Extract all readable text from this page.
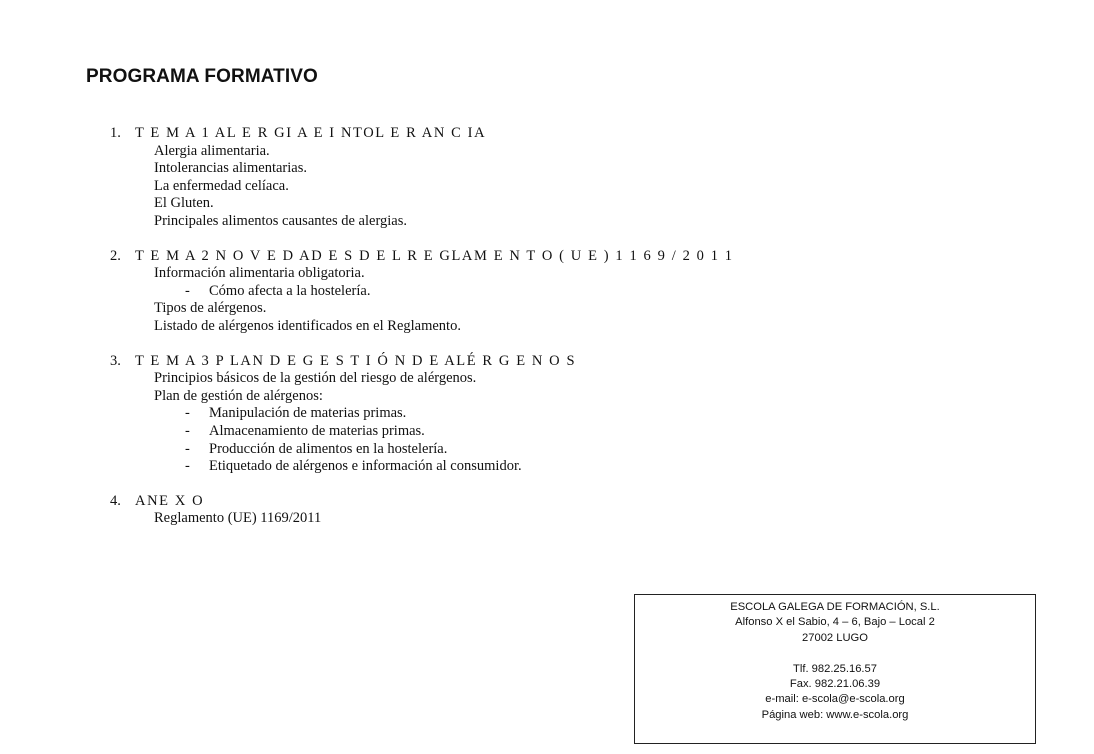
PROGRAMA FORMATIVO
1. T E M A 1 AL E R GI A E I NTOL E R AN C IA
Alergia alimentaria.
Intolerancias alimentarias.
La enfermedad celíaca.
El Gluten.
Principales alimentos causantes de alergias.
2. T E M A 2 N O V E D AD E S D E L R E GLAM E N T O ( U E ) 1 1 6 9 / 2 0 1 1
Información alimentaria obligatoria.
- Cómo afecta a la hostelería.
Tipos de alérgenos.
Listado de alérgenos identificados en el Reglamento.
3. T E M A 3 P LAN D E G E S T I Ó N D E ALÉ R G E N O S
Principios básicos de la gestión del riesgo de alérgenos.
Plan de gestión de alérgenos:
- Manipulación de materias primas.
- Almacenamiento de materias primas.
- Producción de alimentos en la hostelería.
- Etiquetado de alérgenos e información al consumidor.
4. ANE X O
Reglamento (UE) 1169/2011
ESCOLA GALEGA DE FORMACIÓN, S.L.
Alfonso X el Sabio, 4 – 6, Bajo – Local 2
27002 LUGO
Tlf. 982.25.16.57
Fax. 982.21.06.39
e-mail: e-scola@e-scola.org
Página web: www.e-scola.org
